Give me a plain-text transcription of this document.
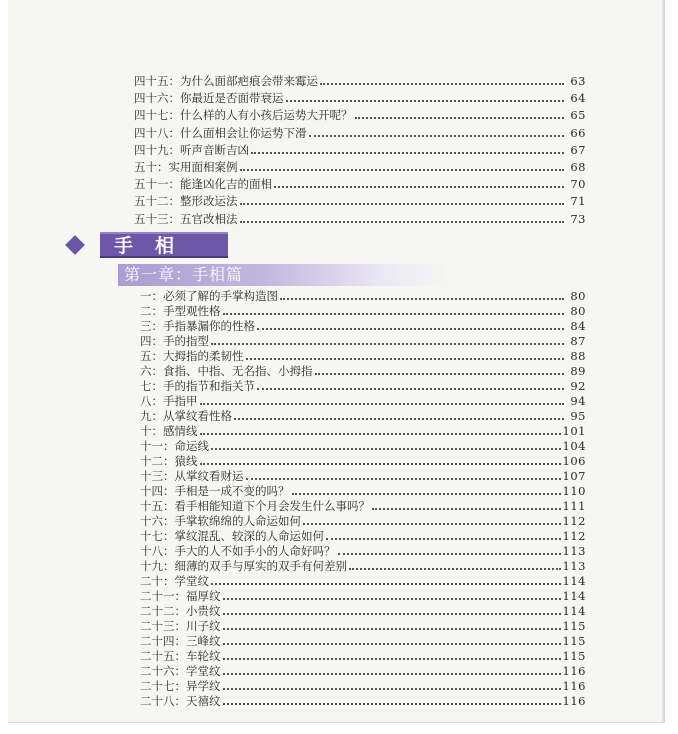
四十五： 为什么面部疤痕会带来霉运	63
四十六： 你最近是否面带衰运	64
四十七： 什么样的人有小孩后运势大开呢？	65
四十八： 什么面相会让你运势下滑	66
四十九： 听声音断吉凶	67
五十： 实用面相案例	68
五十一： 能逢凶化吉的面相	70
五十二： 整形改运法	71
五十三： 五官改相法	73
手相
第一章：手相篇
一： 必须了解的手掌构造图	80
二： 手型观性格	80
三： 手指暴漏你的性格	84
四： 手的指型	87
五： 大拇指的柔韧性	88
六： 食指、中指、无名指、小拇指	89
七： 手的指节和指关节	92
八： 手指甲	94
九： 从掌纹看性格	95
十： 感情线	101
十一： 命运线	104
十二： 猿线	106
十三： 从掌纹看财运	107
十四： 手相是一成不变的吗？	110
十五： 看手相能知道下个月会发生什么事吗？	111
十六： 手掌软绵绵的人命运如何	112
十七： 掌纹混乱、较深的人命运如何	112
十八： 手大的人不如手小的人命好吗？	113
十九： 细薄的双手与厚实的双手有何差别	113
二十： 学堂纹	114
二十一： 福厚纹	114
二十二： 小贵纹	114
二十三： 川子纹	115
二十四： 三峰纹	115
二十五： 车轮纹	115
二十六： 学堂纹	116
二十七： 异学纹	116
二十八： 天禧纹	116
